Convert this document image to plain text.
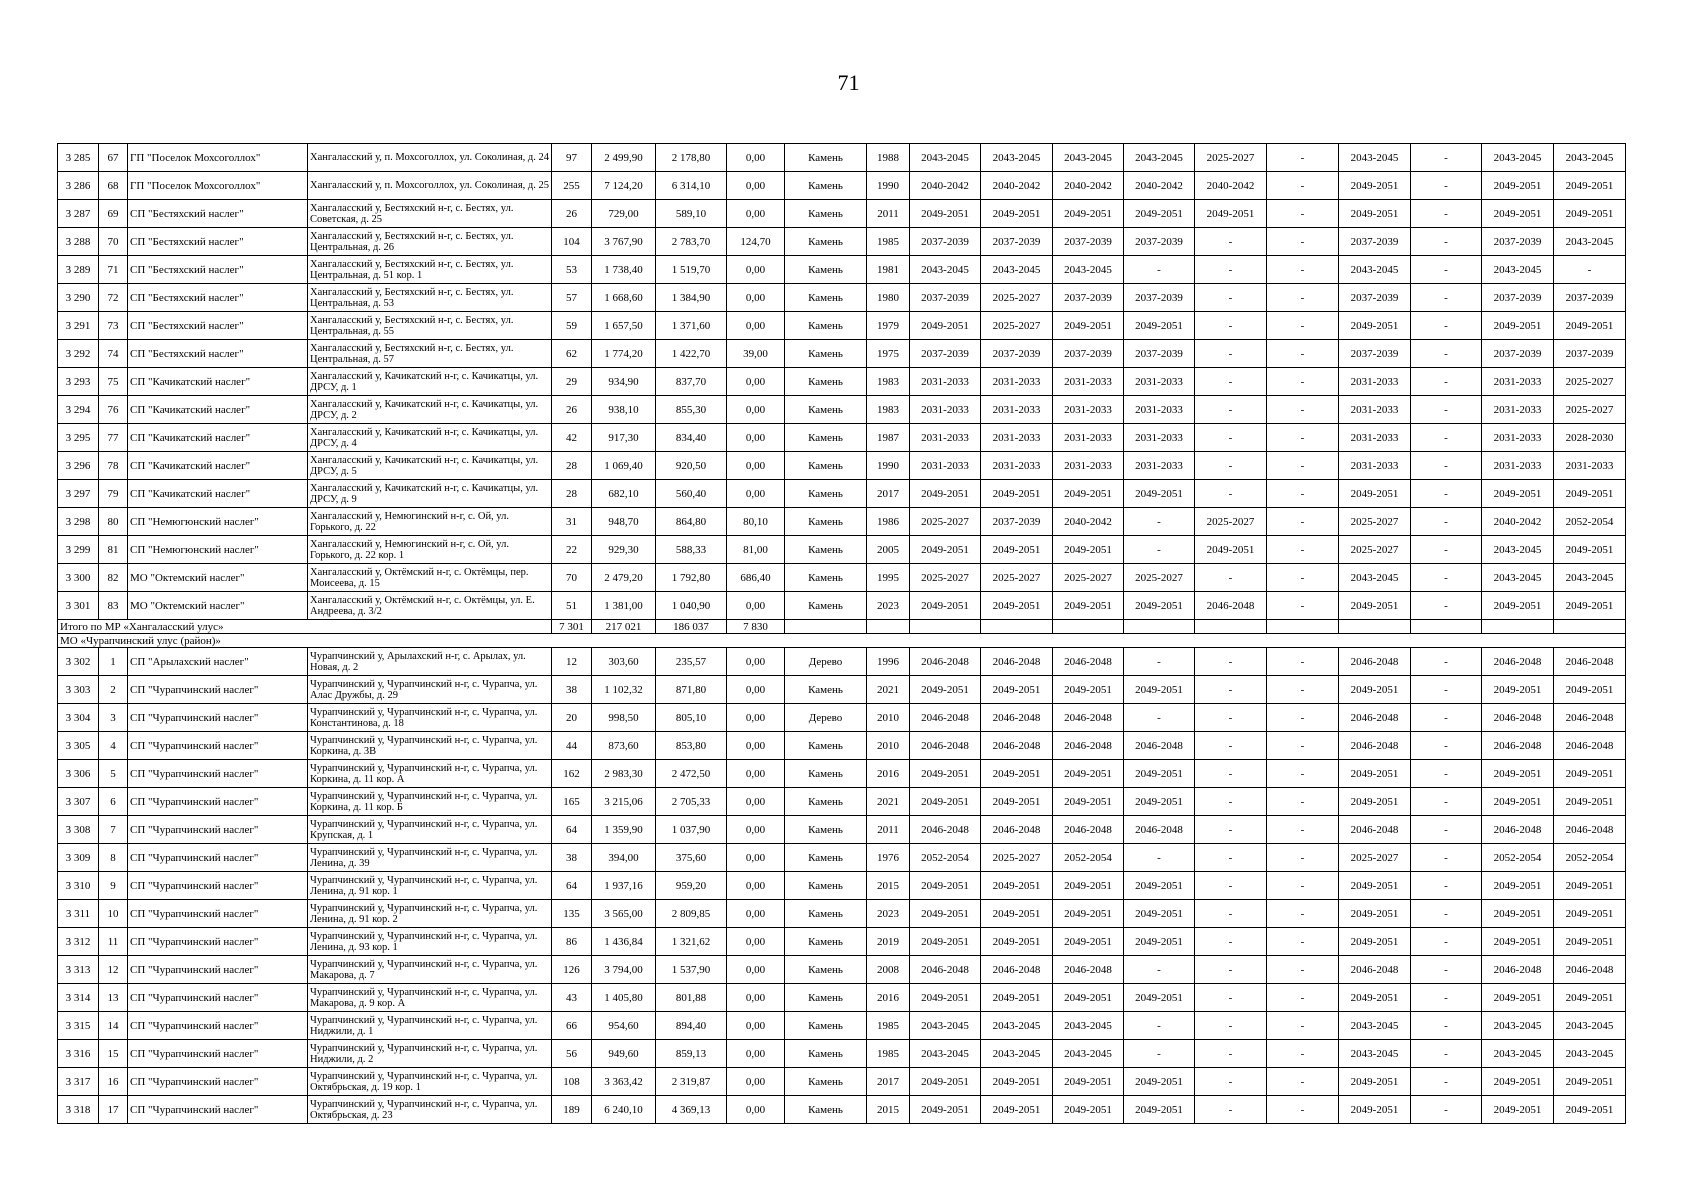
71
3 285	67	ГП "Поселок Мохсоголлох"	Хангаласский у, п. Мохсоголлох, ул. Соколиная, д. 24	97	2 499,90	2 178,80	0,00	Камень	1988	2043-2045	2043-2045	2043-2045	2043-2045	2025-2027	-	2043-2045	-	2043-2045	2043-2045
3 286	68	ГП "Поселок Мохсоголлох"	Хангаласский у, п. Мохсоголлох, ул. Соколиная, д. 25	255	7 124,20	6 314,10	0,00	Камень	1990	2040-2042	2040-2042	2040-2042	2040-2042	2040-2042	-	2049-2051	-	2049-2051	2049-2051
3 287	69	СП "Бестяхский наслег"	Хангаласский у, Бестяхский н-г, с. Бестях, ул. Советская, д. 25	26	729,00	589,10	0,00	Камень	2011	2049-2051	2049-2051	2049-2051	2049-2051	2049-2051	-	2049-2051	-	2049-2051	2049-2051
3 288	70	СП "Бестяхский наслег"	Хангаласский у, Бестяхский н-г, с. Бестях, ул. Центральная, д. 26	104	3 767,90	2 783,70	124,70	Камень	1985	2037-2039	2037-2039	2037-2039	2037-2039	-	-	2037-2039	-	2037-2039	2043-2045
3 289	71	СП "Бестяхский наслег"	Хангаласский у, Бестяхский н-г, с. Бестях, ул. Центральная, д. 51 кор. 1	53	1 738,40	1 519,70	0,00	Камень	1981	2043-2045	2043-2045	2043-2045	-	-	-	2043-2045	-	2043-2045	-
3 290	72	СП "Бестяхский наслег"	Хангаласский у, Бестяхский н-г, с. Бестях, ул. Центральная, д. 53	57	1 668,60	1 384,90	0,00	Камень	1980	2037-2039	2025-2027	2037-2039	2037-2039	-	-	2037-2039	-	2037-2039	2037-2039
3 291	73	СП "Бестяхский наслег"	Хангаласский у, Бестяхский н-г, с. Бестях, ул. Центральная, д. 55	59	1 657,50	1 371,60	0,00	Камень	1979	2049-2051	2025-2027	2049-2051	2049-2051	-	-	2049-2051	-	2049-2051	2049-2051
3 292	74	СП "Бестяхский наслег"	Хангаласский у, Бестяхский н-г, с. Бестях, ул. Центральная, д. 57	62	1 774,20	1 422,70	39,00	Камень	1975	2037-2039	2037-2039	2037-2039	2037-2039	-	-	2037-2039	-	2037-2039	2037-2039
3 293	75	СП "Качикатский наслег"	Хангаласский у, Качикатский н-г, с. Качикатцы, ул. ДРСУ, д. 1	29	934,90	837,70	0,00	Камень	1983	2031-2033	2031-2033	2031-2033	2031-2033	-	-	2031-2033	-	2031-2033	2025-2027
3 294	76	СП "Качикатский наслег"	Хангаласский у, Качикатский н-г, с. Качикатцы, ул. ДРСУ, д. 2	26	938,10	855,30	0,00	Камень	1983	2031-2033	2031-2033	2031-2033	2031-2033	-	-	2031-2033	-	2031-2033	2025-2027
3 295	77	СП "Качикатский наслег"	Хангаласский у, Качикатский н-г, с. Качикатцы, ул. ДРСУ, д. 4	42	917,30	834,40	0,00	Камень	1987	2031-2033	2031-2033	2031-2033	2031-2033	-	-	2031-2033	-	2031-2033	2028-2030
3 296	78	СП "Качикатский наслег"	Хангаласский у, Качикатский н-г, с. Качикатцы, ул. ДРСУ, д. 5	28	1 069,40	920,50	0,00	Камень	1990	2031-2033	2031-2033	2031-2033	2031-2033	-	-	2031-2033	-	2031-2033	2031-2033
3 297	79	СП "Качикатский наслег"	Хангаласский у, Качикатский н-г, с. Качикатцы, ул. ДРСУ, д. 9	28	682,10	560,40	0,00	Камень	2017	2049-2051	2049-2051	2049-2051	2049-2051	-	-	2049-2051	-	2049-2051	2049-2051
3 298	80	СП "Немюгюнский наслег"	Хангаласский у, Немюгинский н-г, с. Ой, ул. Горького, д. 22	31	948,70	864,80	80,10	Камень	1986	2025-2027	2037-2039	2040-2042	-	2025-2027	-	2025-2027	-	2040-2042	2052-2054
3 299	81	СП "Немюгюнский наслег"	Хангаласский у, Немюгинский н-г, с. Ой, ул. Горького, д. 22 кор. 1	22	929,30	588,33	81,00	Камень	2005	2049-2051	2049-2051	2049-2051	-	2049-2051	-	2025-2027	-	2043-2045	2049-2051
3 300	82	МО "Октемский наслег"	Хангаласский у, Октёмский н-г, с. Октёмцы, пер. Моисеева, д. 15	70	2 479,20	1 792,80	686,40	Камень	1995	2025-2027	2025-2027	2025-2027	2025-2027	-	-	2043-2045	-	2043-2045	2043-2045
3 301	83	МО "Октемский наслег"	Хангаласский у, Октёмский н-г, с. Октёмцы, ул. Е. Андреева, д. 3/2	51	1 381,00	1 040,90	0,00	Камень	2023	2049-2051	2049-2051	2049-2051	2049-2051	2046-2048	-	2049-2051	-	2049-2051	2049-2051
Итого по МР «Хангаласский улус»				7 301	217 021	186 037	7 830												
МО «Чурапчинский улус (район)»																			
3 302	1	СП "Арылахский наслег"	Чурапчинский у, Арылахский н-г, с. Арылах, ул. Новая, д. 2	12	303,60	235,57	0,00	Дерево	1996	2046-2048	2046-2048	2046-2048	-	-	-	2046-2048	-	2046-2048	2046-2048
3 303	2	СП "Чурапчинский наслег"	Чурапчинский у, Чурапчинский н-г, с. Чурапча, ул. Алас Дружбы, д. 29	38	1 102,32	871,80	0,00	Камень	2021	2049-2051	2049-2051	2049-2051	2049-2051	-	-	2049-2051	-	2049-2051	2049-2051
3 304	3	СП "Чурапчинский наслег"	Чурапчинский у, Чурапчинский н-г, с. Чурапча, ул. Константинова, д. 18	20	998,50	805,10	0,00	Дерево	2010	2046-2048	2046-2048	2046-2048	-	-	-	2046-2048	-	2046-2048	2046-2048
3 305	4	СП "Чурапчинский наслег"	Чурапчинский у, Чурапчинский н-г, с. Чурапча, ул. Коркина, д. 3В	44	873,60	853,80	0,00	Камень	2010	2046-2048	2046-2048	2046-2048	2046-2048	-	-	2046-2048	-	2046-2048	2046-2048
3 306	5	СП "Чурапчинский наслег"	Чурапчинский у, Чурапчинский н-г, с. Чурапча, ул. Коркина, д. 11 кор. А	162	2 983,30	2 472,50	0,00	Камень	2016	2049-2051	2049-2051	2049-2051	2049-2051	-	-	2049-2051	-	2049-2051	2049-2051
3 307	6	СП "Чурапчинский наслег"	Чурапчинский у, Чурапчинский н-г, с. Чурапча, ул. Коркина, д. 11 кор. Б	165	3 215,06	2 705,33	0,00	Камень	2021	2049-2051	2049-2051	2049-2051	2049-2051	-	-	2049-2051	-	2049-2051	2049-2051
3 308	7	СП "Чурапчинский наслег"	Чурапчинский у, Чурапчинский н-г, с. Чурапча, ул. Крупская, д. 1	64	1 359,90	1 037,90	0,00	Камень	2011	2046-2048	2046-2048	2046-2048	2046-2048	-	-	2046-2048	-	2046-2048	2046-2048
3 309	8	СП "Чурапчинский наслег"	Чурапчинский у, Чурапчинский н-г, с. Чурапча, ул. Ленина, д. 39	38	394,00	375,60	0,00	Камень	1976	2052-2054	2025-2027	2052-2054	-	-	-	2025-2027	-	2052-2054	2052-2054
3 310	9	СП "Чурапчинский наслег"	Чурапчинский у, Чурапчинский н-г, с. Чурапча, ул. Ленина, д. 91 кор. 1	64	1 937,16	959,20	0,00	Камень	2015	2049-2051	2049-2051	2049-2051	2049-2051	-	-	2049-2051	-	2049-2051	2049-2051
3 311	10	СП "Чурапчинский наслег"	Чурапчинский у, Чурапчинский н-г, с. Чурапча, ул. Ленина, д. 91 кор. 2	135	3 565,00	2 809,85	0,00	Камень	2023	2049-2051	2049-2051	2049-2051	2049-2051	-	-	2049-2051	-	2049-2051	2049-2051
3 312	11	СП "Чурапчинский наслег"	Чурапчинский у, Чурапчинский н-г, с. Чурапча, ул. Ленина, д. 93 кор. 1	86	1 436,84	1 321,62	0,00	Камень	2019	2049-2051	2049-2051	2049-2051	2049-2051	-	-	2049-2051	-	2049-2051	2049-2051
3 313	12	СП "Чурапчинский наслег"	Чурапчинский у, Чурапчинский н-г, с. Чурапча, ул. Макарова, д. 7	126	3 794,00	1 537,90	0,00	Камень	2008	2046-2048	2046-2048	2046-2048	-	-	-	2046-2048	-	2046-2048	2046-2048
3 314	13	СП "Чурапчинский наслег"	Чурапчинский у, Чурапчинский н-г, с. Чурапча, ул. Макарова, д. 9 кор. А	43	1 405,80	801,88	0,00	Камень	2016	2049-2051	2049-2051	2049-2051	2049-2051	-	-	2049-2051	-	2049-2051	2049-2051
3 315	14	СП "Чурапчинский наслег"	Чурапчинский у, Чурапчинский н-г, с. Чурапча, ул. Ниджили, д. 1	66	954,60	894,40	0,00	Камень	1985	2043-2045	2043-2045	2043-2045	-	-	-	2043-2045	-	2043-2045	2043-2045
3 316	15	СП "Чурапчинский наслег"	Чурапчинский у, Чурапчинский н-г, с. Чурапча, ул. Ниджили, д. 2	56	949,60	859,13	0,00	Камень	1985	2043-2045	2043-2045	2043-2045	-	-	-	2043-2045	-	2043-2045	2043-2045
3 317	16	СП "Чурапчинский наслег"	Чурапчинский у, Чурапчинский н-г, с. Чурапча, ул. Октябрьская, д. 19 кор. 1	108	3 363,42	2 319,87	0,00	Камень	2017	2049-2051	2049-2051	2049-2051	2049-2051	-	-	2049-2051	-	2049-2051	2049-2051
3 318	17	СП "Чурапчинский наслег"	Чурапчинский у, Чурапчинский н-г, с. Чурапча, ул. Октябрьская, д. 23	189	6 240,10	4 369,13	0,00	Камень	2015	2049-2051	2049-2051	2049-2051	2049-2051	-	-	2049-2051	-	2049-2051	2049-2051
